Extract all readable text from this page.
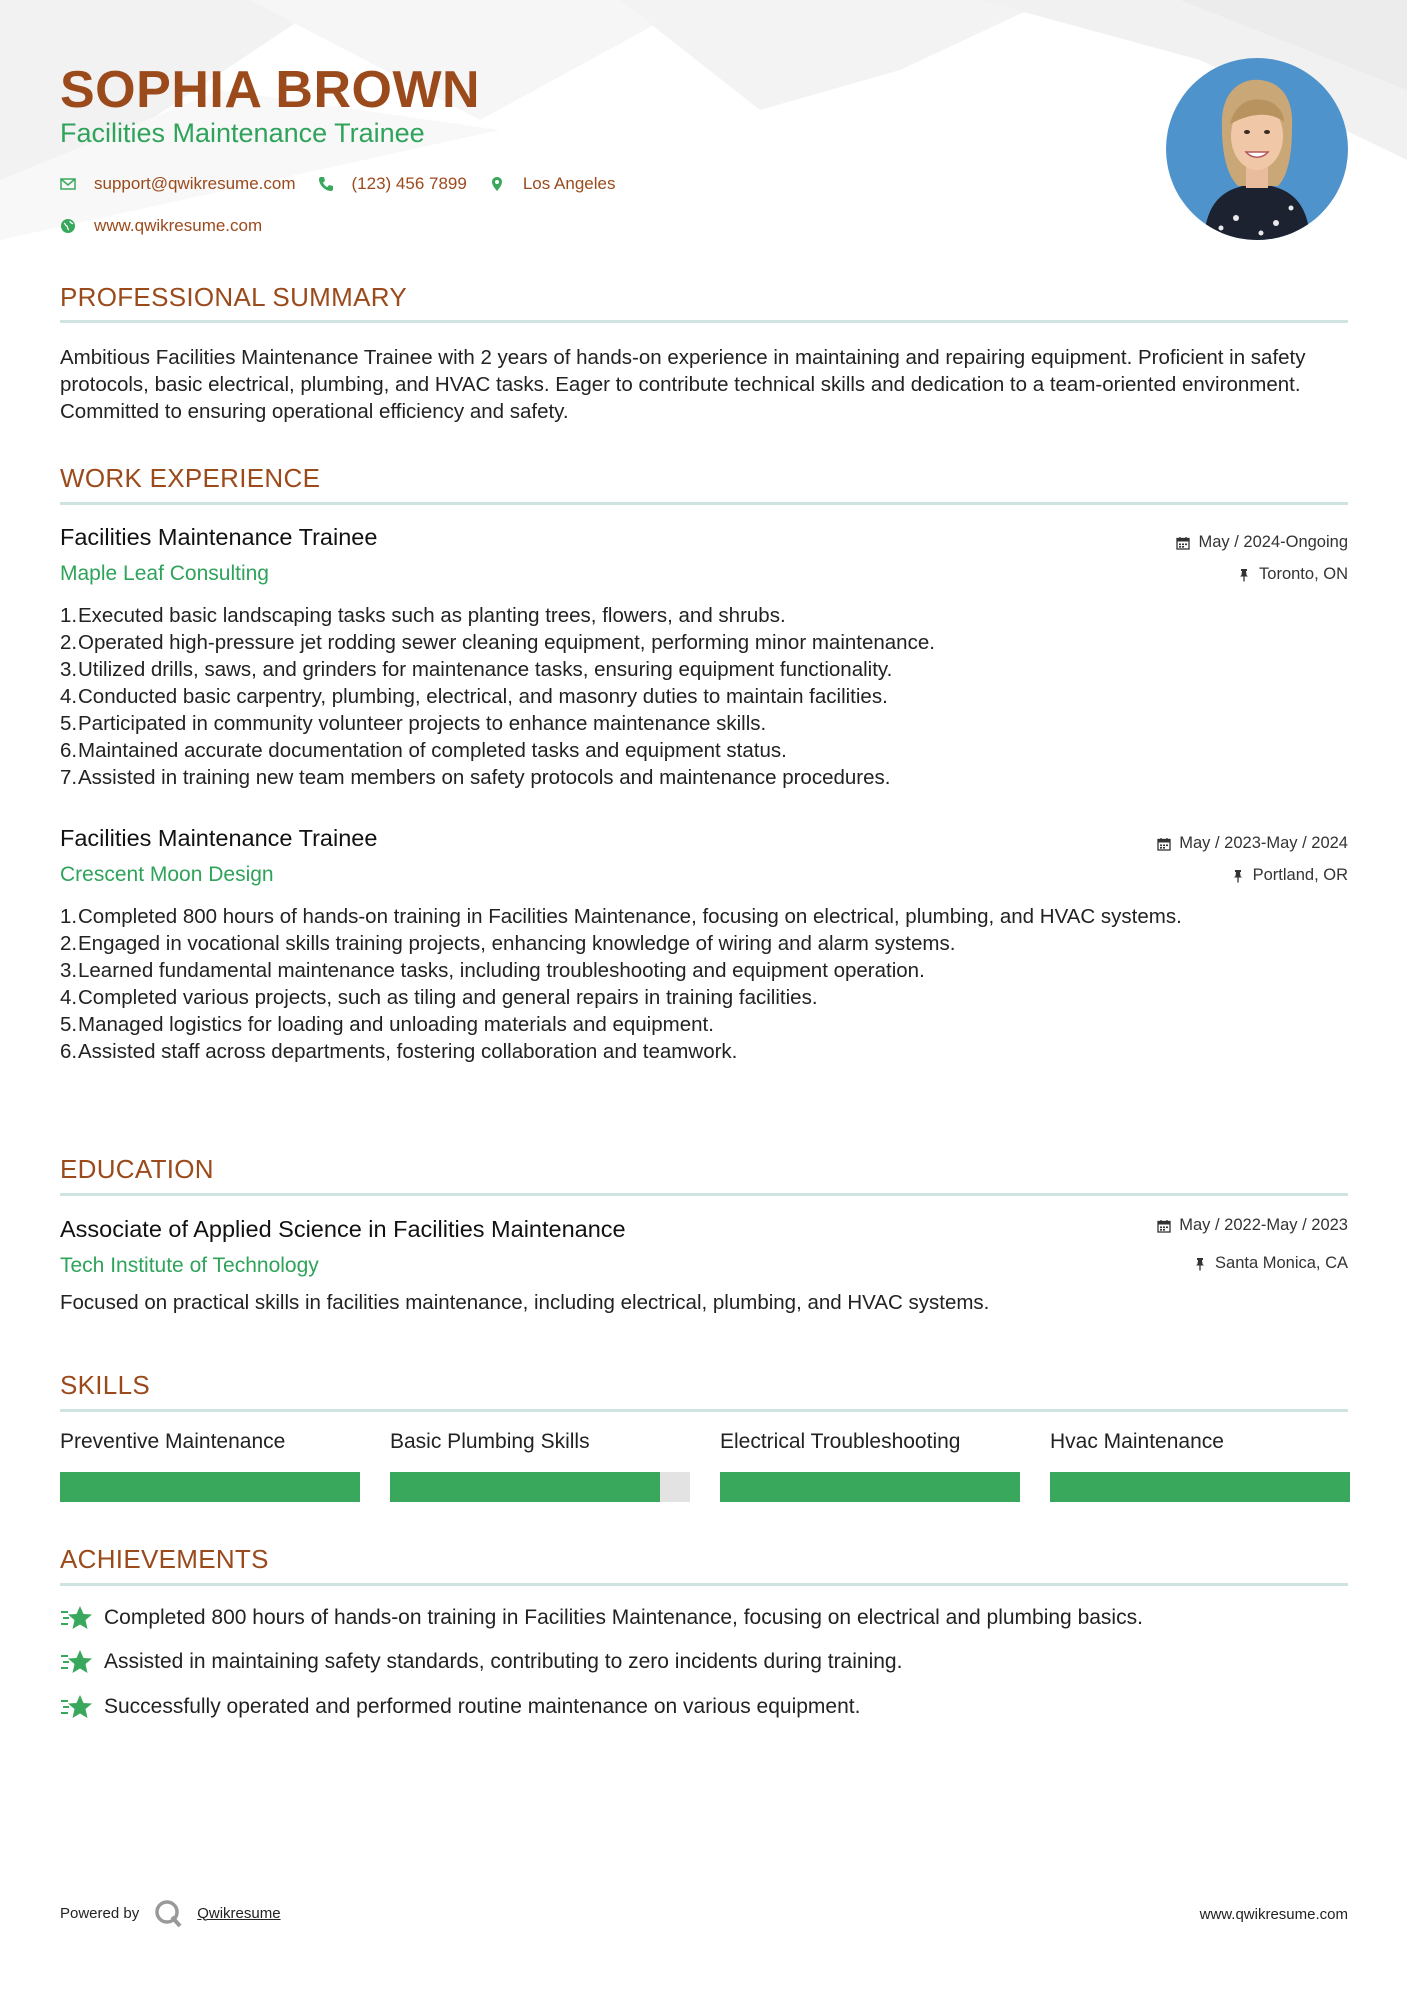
SOPHIA BROWN
Facilities Maintenance Trainee
support@qwikresume.com	(123) 456 7899	Los Angeles
www.qwikresume.com
PROFESSIONAL SUMMARY
Ambitious Facilities Maintenance Trainee with 2 years of hands-on experience in maintaining and repairing equipment. Proficient in safety protocols, basic electrical, plumbing, and HVAC tasks. Eager to contribute technical skills and dedication to a team-oriented environment. Committed to ensuring operational efficiency and safety.
WORK EXPERIENCE
Facilities Maintenance Trainee
Maple Leaf Consulting
May / 2024-Ongoing
Toronto, ON
1. Executed basic landscaping tasks such as planting trees, flowers, and shrubs.
2. Operated high-pressure jet rodding sewer cleaning equipment, performing minor maintenance.
3. Utilized drills, saws, and grinders for maintenance tasks, ensuring equipment functionality.
4. Conducted basic carpentry, plumbing, electrical, and masonry duties to maintain facilities.
5. Participated in community volunteer projects to enhance maintenance skills.
6. Maintained accurate documentation of completed tasks and equipment status.
7. Assisted in training new team members on safety protocols and maintenance procedures.
Facilities Maintenance Trainee
Crescent Moon Design
May / 2023-May / 2024
Portland, OR
1. Completed 800 hours of hands-on training in Facilities Maintenance, focusing on electrical, plumbing, and HVAC systems.
2. Engaged in vocational skills training projects, enhancing knowledge of wiring and alarm systems.
3. Learned fundamental maintenance tasks, including troubleshooting and equipment operation.
4. Completed various projects, such as tiling and general repairs in training facilities.
5. Managed logistics for loading and unloading materials and equipment.
6. Assisted staff across departments, fostering collaboration and teamwork.
EDUCATION
Associate of Applied Science in Facilities Maintenance
Tech Institute of Technology
May / 2022-May / 2023
Santa Monica, CA
Focused on practical skills in facilities maintenance, including electrical, plumbing, and HVAC systems.
SKILLS
Preventive Maintenance	Basic Plumbing Skills	Electrical Troubleshooting	Hvac Maintenance
ACHIEVEMENTS
Completed 800 hours of hands-on training in Facilities Maintenance, focusing on electrical and plumbing basics.
Assisted in maintaining safety standards, contributing to zero incidents during training.
Successfully operated and performed routine maintenance on various equipment.
Powered by	Qwikresume	www.qwikresume.com
